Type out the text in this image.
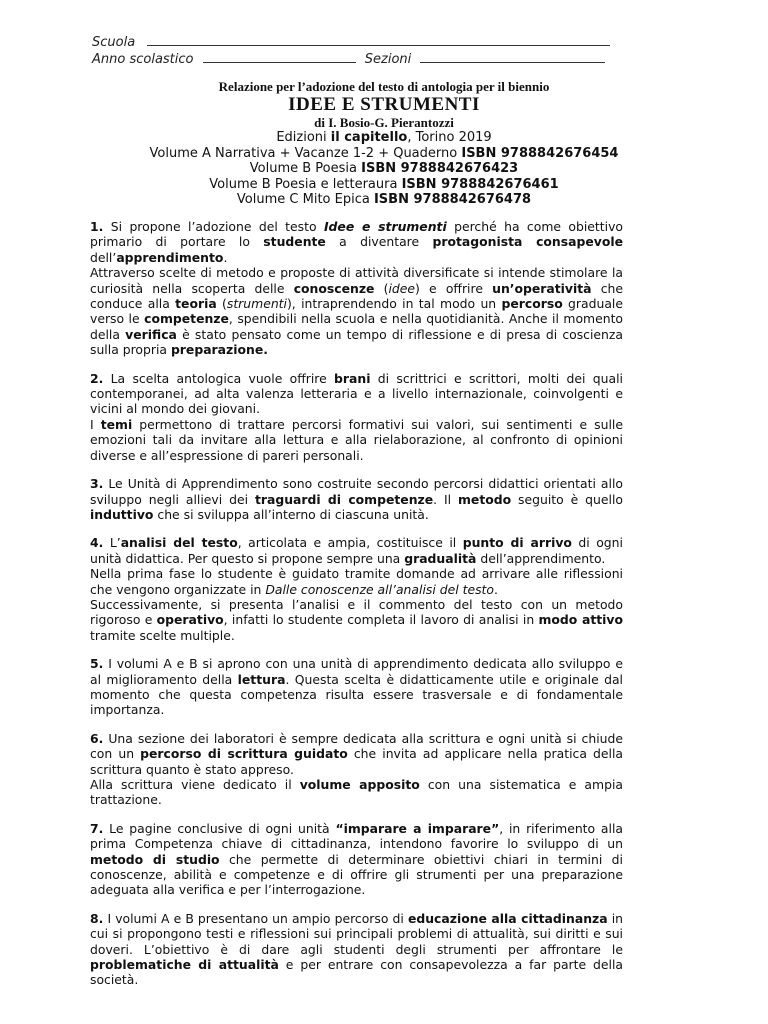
Scuola
Anno scolastico	Sezioni
Relazione per l’adozione del testo di antologia per il biennio
IDEE E STRUMENTI
di I. Bosio-G. Pierantozzi
Edizioni il capitello, Torino 2019
Volume A Narrativa + Vacanze 1-2 + Quaderno ISBN 9788842676454
Volume B Poesia ISBN 9788842676423
Volume B Poesia e letteraura ISBN 9788842676461
Volume C Mito Epica ISBN 9788842676478

1. Si propone l’adozione del testo Idee e strumenti perché ha come obiettivo primario di portare lo studente a diventare protagonista consapevole dell’apprendimento.

Attraverso scelte di metodo e proposte di attività diversificate si intende stimolare la curiosità nella scoperta delle conoscenze (idee) e offrire un’operatività che conduce alla teoria (strumenti), intraprendendo in tal modo un percorso graduale verso le competenze, spendibili nella scuola e nella quotidianità. Anche il momento della verifica è stato pensato come un tempo di riflessione e di presa di coscienza sulla propria preparazione.

2. La scelta antologica vuole offrire brani di scrittrici e scrittori, molti dei quali contemporanei, ad alta valenza letteraria e a livello internazionale, coinvolgenti e vicini al mondo dei giovani.

I temi permettono di trattare percorsi formativi sui valori, sui sentimenti e sulle emozioni tali da invitare alla lettura e alla rielaborazione, al confronto di opinioni diverse e all’espressione di pareri personali.

3. Le Unità di Apprendimento sono costruite secondo percorsi didattici orientati allo sviluppo negli allievi dei traguardi di competenze. Il metodo seguito è quello induttivo che si sviluppa all’interno di ciascuna unità.

4. L’analisi del testo, articolata e ampia, costituisce il punto di arrivo di ogni unità didattica. Per questo si propone sempre una gradualità dell’apprendimento.

Nella prima fase lo studente è guidato tramite domande ad arrivare alle riflessioni che vengono organizzate in Dalle conoscenze all’analisi del testo.

Successivamente, si presenta l’analisi e il commento del testo con un metodo rigoroso e operativo, infatti lo studente completa il lavoro di analisi in modo attivo tramite scelte multiple.

5. I volumi A e B si aprono con una unità di apprendimento dedicata allo sviluppo e al miglioramento della lettura. Questa scelta è didatticamente utile e originale dal momento che questa competenza risulta essere trasversale e di fondamentale importanza.

6. Una sezione dei laboratori è sempre dedicata alla scrittura e ogni unità si chiude con un percorso di scrittura guidato che invita ad applicare nella pratica della scrittura quanto è stato appreso.

Alla scrittura viene dedicato il volume apposito con una sistematica e ampia trattazione.

7. Le pagine conclusive di ogni unità “imparare a imparare”, in riferimento alla prima Competenza chiave di cittadinanza, intendono favorire lo sviluppo di un metodo di studio che permette di determinare obiettivi chiari in termini di conoscenze, abilità e competenze e di offrire gli strumenti per una preparazione adeguata alla verifica e per l’interrogazione.

8. I volumi A e B presentano un ampio percorso di educazione alla cittadinanza in cui si propongono testi e riflessioni sui principali problemi di attualità, sui diritti e sui doveri. L’obiettivo è di dare agli studenti degli strumenti per affrontare le problematiche di attualità e per entrare con consapevolezza a far parte della società.
